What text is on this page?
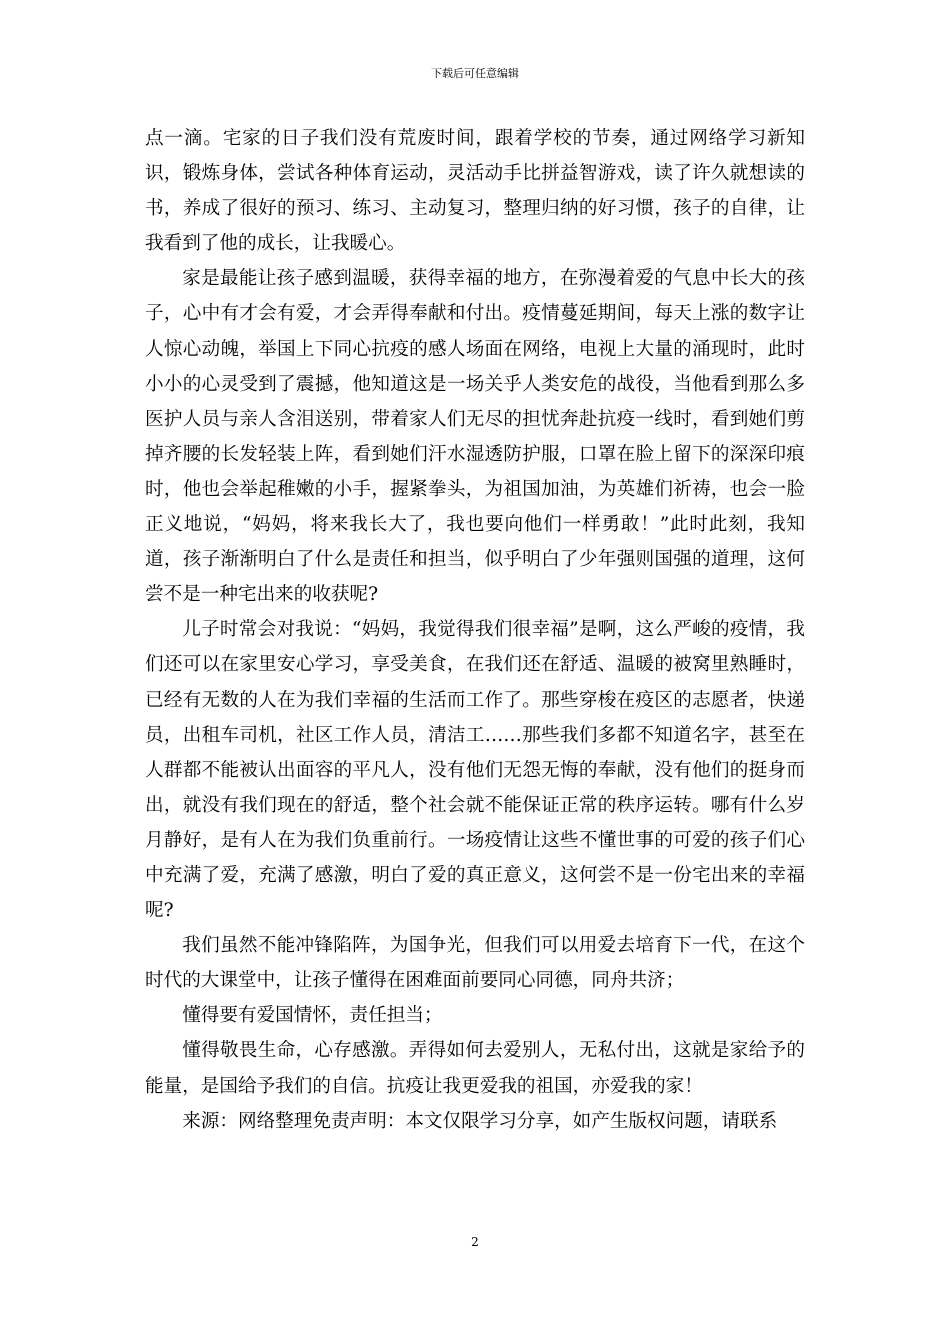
下载后可任意编辑

点一滴。宅家的日子我们没有荒废时间，跟着学校的节奏，通过网络学习新知识，锻炼身体，尝试各种体育运动，灵活动手比拼益智游戏，读了许久就想读的书，养成了很好的预习、练习、主动复习，整理归纳的好习惯，孩子的自律，让我看到了他的成长，让我暖心。

家是最能让孩子感到温暖，获得幸福的地方，在弥漫着爱的气息中长大的孩子，心中有才会有爱，才会弄得奉献和付出。疫情蔓延期间，每天上涨的数字让人惊心动魄，举国上下同心抗疫的感人场面在网络，电视上大量的涌现时，此时小小的心灵受到了震撼，他知道这是一场关乎人类安危的战役，当他看到那么多医护人员与亲人含泪送别，带着家人们无尽的担忧奔赴抗疫一线时，看到她们剪掉齐腰的长发轻装上阵，看到她们汗水湿透防护服，口罩在脸上留下的深深印痕时，他也会举起稚嫩的小手，握紧拳头，为祖国加油，为英雄们祈祷，也会一脸正义地说，“妈妈，将来我长大了，我也要向他们一样勇敢！”此时此刻，我知道，孩子渐渐明白了什么是责任和担当，似乎明白了少年强则国强的道理，这何尝不是一种宅出来的收获呢?

儿子时常会对我说：“妈妈，我觉得我们很幸福”是啊，这么严峻的疫情，我们还可以在家里安心学习，享受美食，在我们还在舒适、温暖的被窝里熟睡时，已经有无数的人在为我们幸福的生活而工作了。那些穿梭在疫区的志愿者，快递员，出租车司机，社区工作人员，清洁工……那些我们多都不知道名字，甚至在人群都不能被认出面容的平凡人，没有他们无怨无悔的奉献，没有他们的挺身而出，就没有我们现在的舒适，整个社会就不能保证正常的秩序运转。哪有什么岁月静好，是有人在为我们负重前行。一场疫情让这些不懂世事的可爱的孩子们心中充满了爱，充满了感激，明白了爱的真正意义，这何尝不是一份宅出来的幸福呢?

我们虽然不能冲锋陷阵，为国争光，但我们可以用爱去培育下一代，在这个时代的大课堂中，让孩子懂得在困难面前要同心同德，同舟共济；

懂得要有爱国情怀，责任担当；

懂得敬畏生命，心存感激。弄得如何去爱别人，无私付出，这就是家给予的能量，是国给予我们的自信。抗疫让我更爱我的祖国，亦爱我的家！

来源：网络整理免责声明：本文仅限学习分享，如产生版权问题，请联系

2
